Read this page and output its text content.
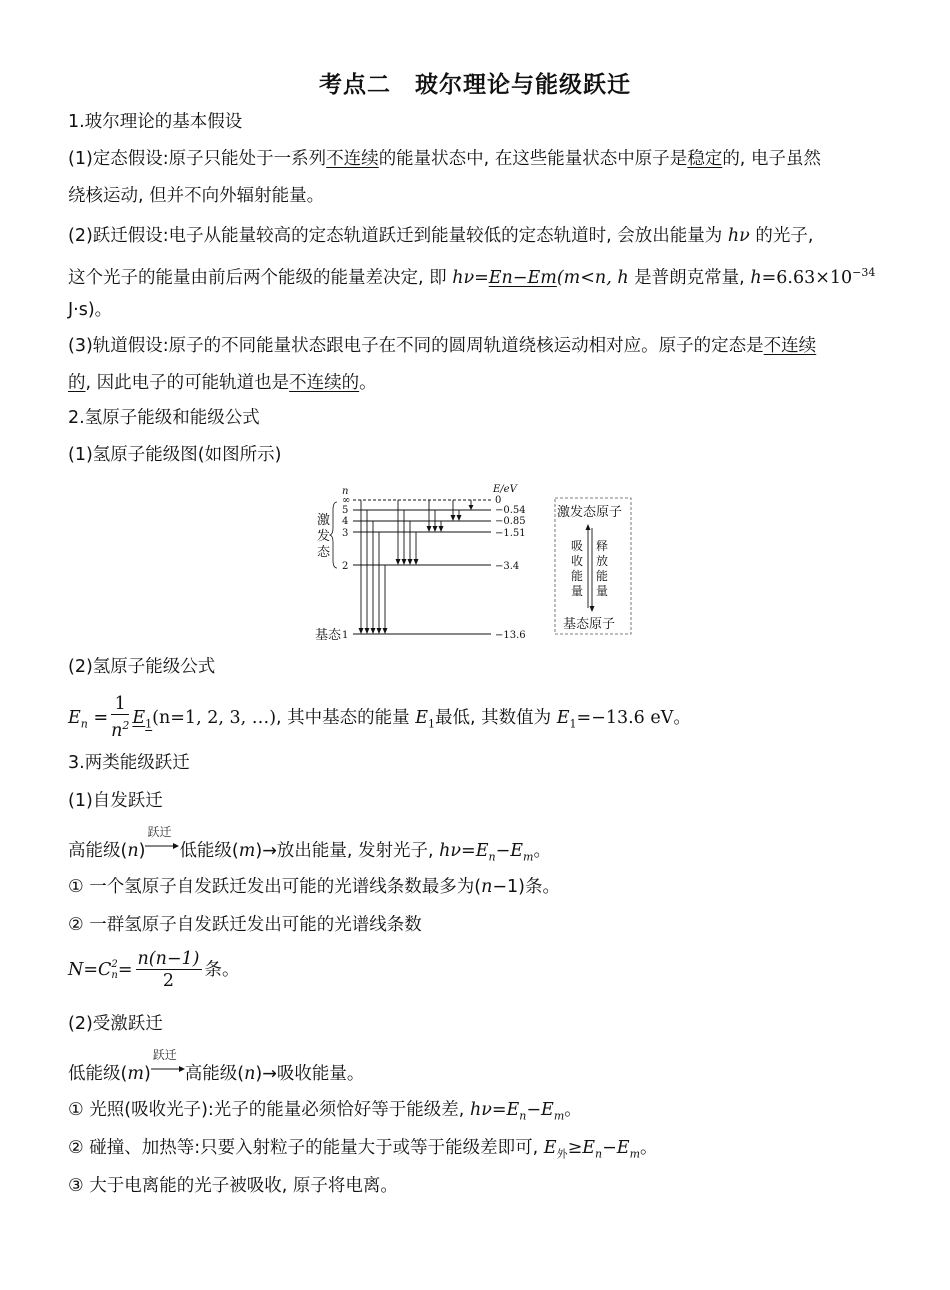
考点二　玻尔理论与能级跃迁
1.玻尔理论的基本假设
(1)定态假设:原子只能处于一系列不连续的能量状态中, 在这些能量状态中原子是稳定的, 电子虽然
绕核运动, 但并不向外辐射能量。
(2)跃迁假设:电子从能量较高的定态轨道跃迁到能量较低的定态轨道时, 会放出能量为 hν 的光子,
这个光子的能量由前后两个能级的能量差决定, 即 hν=En−Em(m<n, h 是普朗克常量, $h=6.63\times 10^{-34}$
J·s)。
(3)轨道假设:原子的不同能量状态跟电子在不同的圆周轨道绕核运动相对应。原子的定态是不连续
的, 因此电子的可能轨道也是不连续的。
2.氢原子能级和能级公式
(1)氢原子能级图(如图所示)
n	E/eV
∞
5
4
3
2
1
0
−0.54
−0.85
−1.51
−3.4
−13.6
激
发
态
基态
激发态原子
基态原子
吸
收
能
量
释
放
能
量
(2)氢原子能级公式
$E_n = \frac{1}{n^2} E_1(n=1$, 2, 3, …), 其中基态的能量 $E_1$最低, 其数值为 $E_1=-13.6$ eV。
3.两类能级跃迁
(1)自发跃迁
高能级(n)
跃迁
低能级(m)→放出能量, 发射光子, $h\nu=E_n-E_m$。
① 一个氢原子自发跃迁发出可能的光谱线条数最多为(n−1)条。
② 一群氢原子自发跃迁发出可能的光谱线条数
N=C 2
$n = \frac{n(n-1)}{2}$ 条。
(2)受激跃迁
低能级(m)
跃迁
高能级(n)→吸收能量。
① 光照(吸收光子):光子的能量必须恰好等于能级差, $h\nu=E_n-E_m$。
② 碰撞、加热等:只要入射粒子的能量大于或等于能级差即可, $E_外\ge E_n-E_m$。
③ 大于电离能的光子被吸收, 原子将电离。
